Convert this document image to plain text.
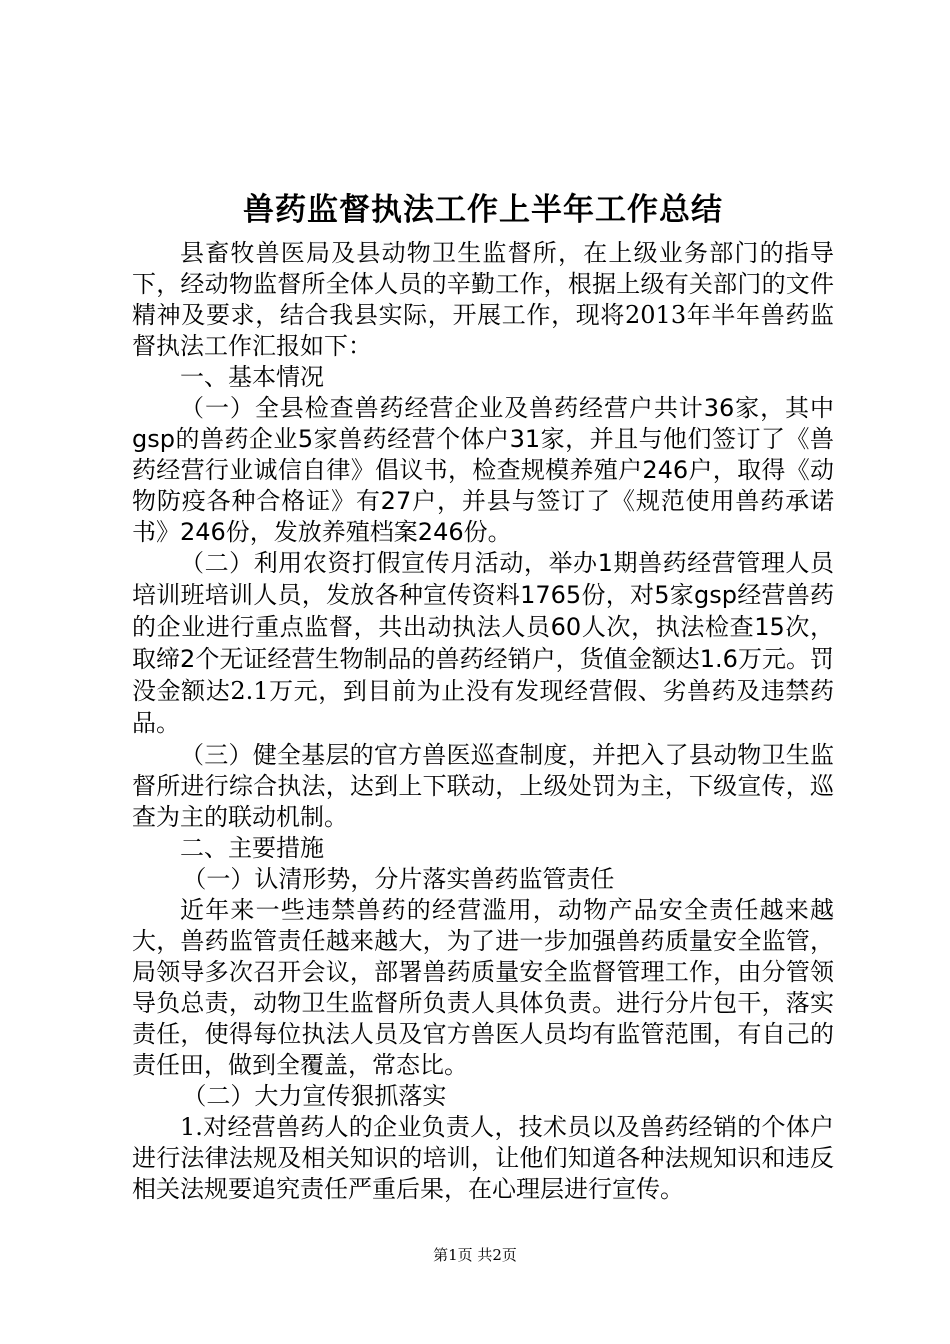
兽药监督执法工作上半年工作总结

县畜牧兽医局及县动物卫生监督所，在上级业务部门的指导下，经动物监督所全体人员的辛勤工作，根据上级有关部门的文件精神及要求，结合我县实际，开展工作，现将2013年半年兽药监督执法工作汇报如下：

一、基本情况

（一）全县检查兽药经营企业及兽药经营户共计36家，其中gsp的兽药企业5家兽药经营个体户31家，并且与他们签订了《兽药经营行业诚信自律》倡议书，检查规模养殖户246户，取得《动物防疫各种合格证》有27户，并县与签订了《规范使用兽药承诺书》246份，发放养殖档案246份。

（二）利用农资打假宣传月活动，举办1期兽药经营管理人员培训班培训人员，发放各种宣传资料1765份，对5家gsp经营兽药的企业进行重点监督，共出动执法人员60人次，执法检查15次，取缔2个无证经营生物制品的兽药经销户，货值金额达1.6万元。罚没金额达2.1万元，到目前为止没有发现经营假、劣兽药及违禁药品。

（三）健全基层的官方兽医巡查制度，并把入了县动物卫生监督所进行综合执法，达到上下联动，上级处罚为主，下级宣传，巡查为主的联动机制。

二、主要措施

（一）认清形势，分片落实兽药监管责任

近年来一些违禁兽药的经营滥用，动物产品安全责任越来越大，兽药监管责任越来越大，为了进一步加强兽药质量安全监管，局领导多次召开会议，部署兽药质量安全监督管理工作，由分管领导负总责，动物卫生监督所负责人具体负责。进行分片包干，落实责任，使得每位执法人员及官方兽医人员均有监管范围，有自己的责任田，做到全覆盖，常态比。

（二）大力宣传狠抓落实

1.对经营兽药人的企业负责人，技术员以及兽药经销的个体户进行法律法规及相关知识的培训，让他们知道各种法规知识和违反相关法规要追究责任严重后果，在心理层进行宣传。

第1页 共2页
